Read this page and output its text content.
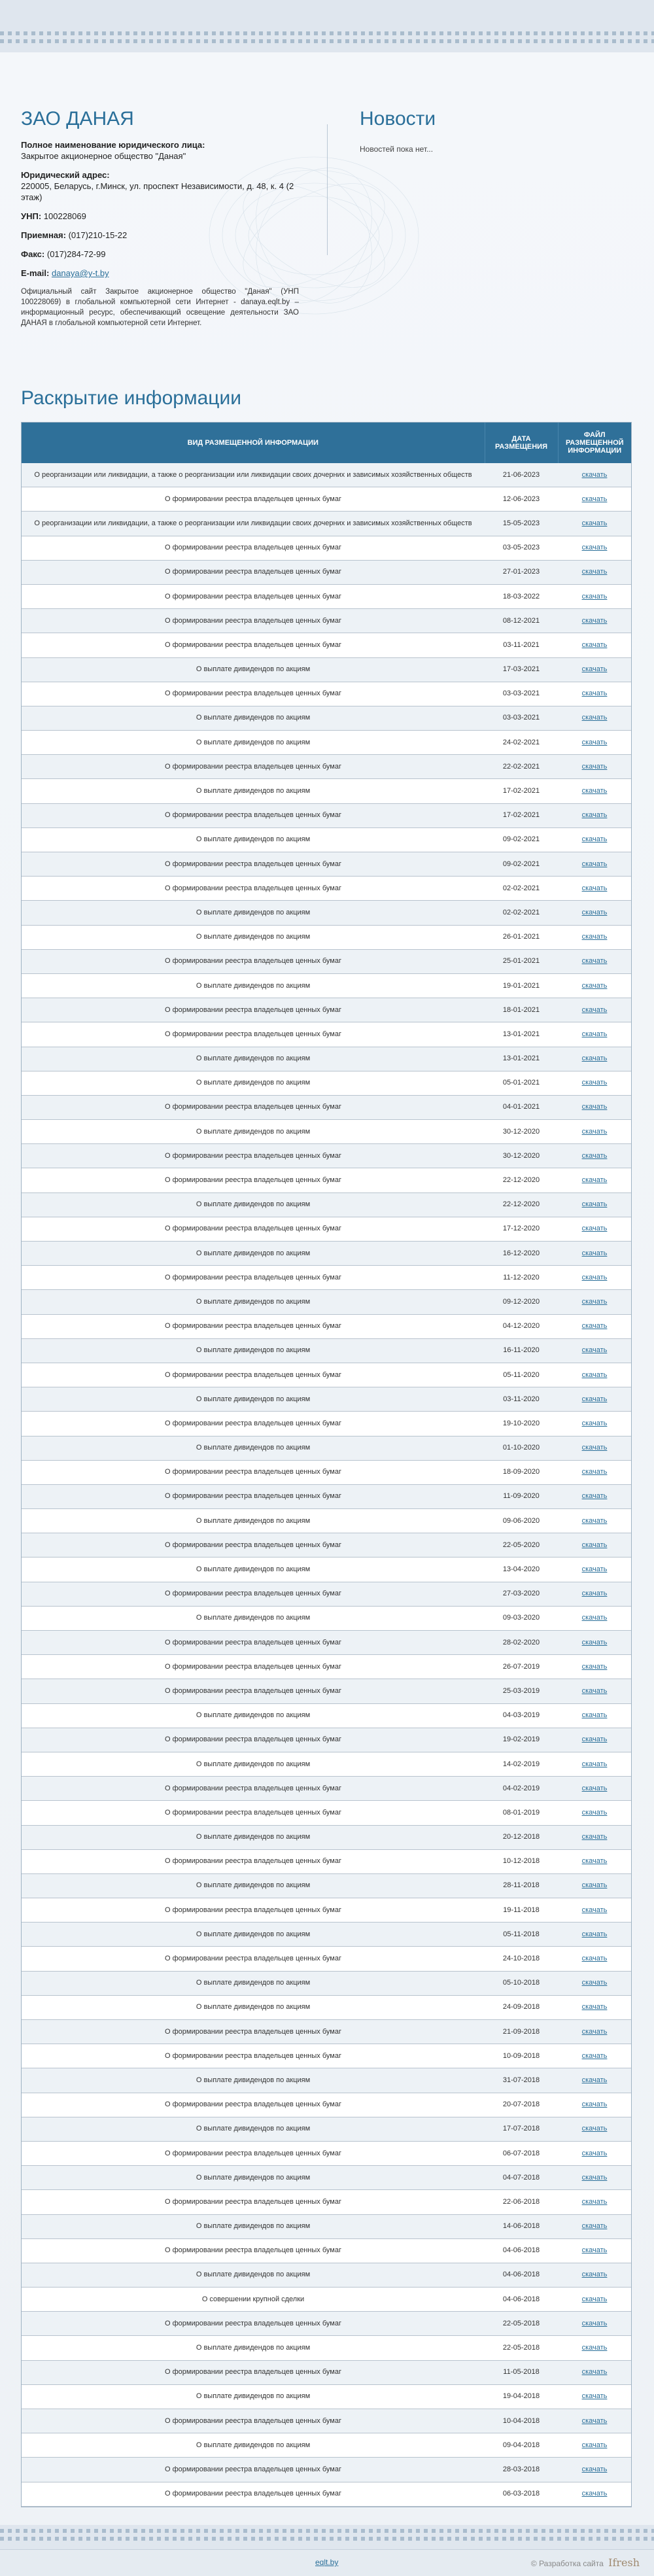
ЗАО ДАНАЯ
Полное наименование юридического лица:
Закрытое акционерное общество "Даная"
Юридический адрес:
220005, Беларусь, г.Минск, ул. проспект Независимости, д. 48, к. 4 (2 этаж)
УНП: 100228069
Приемная: (017)210-15-22
Факс: (017)284-72-99
E-mail: danaya@y-t.by
Официальный сайт Закрытое акционерное общество "Даная" (УНП 100228069) в глобальной компьютерной сети Интернет - danaya.eqlt.by – информационный ресурс, обеспечивающий освещение деятельности ЗАО ДАНАЯ в глобальной компьютерной сети Интернет.
Новости
Новостей пока нет...
Раскрытие информации
ВИД РАЗМЕЩЕННОЙ ИНФОРМАЦИИ	ДАТА РАЗМЕЩЕНИЯ	ФАЙЛ РАЗМЕЩЕННОЙ ИНФОРМАЦИИ
О реорганизации или ликвидации, а также о реорганизации или ликвидации своих дочерних и зависимых хозяйственных обществ	21-06-2023	скачать
О формировании реестра владельцев ценных бумаг	12-06-2023	скачать
О реорганизации или ликвидации, а также о реорганизации или ликвидации своих дочерних и зависимых хозяйственных обществ	15-05-2023	скачать
О формировании реестра владельцев ценных бумаг	03-05-2023	скачать
О формировании реестра владельцев ценных бумаг	27-01-2023	скачать
О формировании реестра владельцев ценных бумаг	18-03-2022	скачать
О формировании реестра владельцев ценных бумаг	08-12-2021	скачать
О формировании реестра владельцев ценных бумаг	03-11-2021	скачать
О выплате дивидендов по акциям	17-03-2021	скачать
О формировании реестра владельцев ценных бумаг	03-03-2021	скачать
О выплате дивидендов по акциям	03-03-2021	скачать
О выплате дивидендов по акциям	24-02-2021	скачать
О формировании реестра владельцев ценных бумаг	22-02-2021	скачать
О выплате дивидендов по акциям	17-02-2021	скачать
О формировании реестра владельцев ценных бумаг	17-02-2021	скачать
О выплате дивидендов по акциям	09-02-2021	скачать
О формировании реестра владельцев ценных бумаг	09-02-2021	скачать
О формировании реестра владельцев ценных бумаг	02-02-2021	скачать
О выплате дивидендов по акциям	02-02-2021	скачать
О выплате дивидендов по акциям	26-01-2021	скачать
О формировании реестра владельцев ценных бумаг	25-01-2021	скачать
О выплате дивидендов по акциям	19-01-2021	скачать
О формировании реестра владельцев ценных бумаг	18-01-2021	скачать
О формировании реестра владельцев ценных бумаг	13-01-2021	скачать
О выплате дивидендов по акциям	13-01-2021	скачать
О выплате дивидендов по акциям	05-01-2021	скачать
О формировании реестра владельцев ценных бумаг	04-01-2021	скачать
О выплате дивидендов по акциям	30-12-2020	скачать
О формировании реестра владельцев ценных бумаг	30-12-2020	скачать
О формировании реестра владельцев ценных бумаг	22-12-2020	скачать
О выплате дивидендов по акциям	22-12-2020	скачать
О формировании реестра владельцев ценных бумаг	17-12-2020	скачать
О выплате дивидендов по акциям	16-12-2020	скачать
О формировании реестра владельцев ценных бумаг	11-12-2020	скачать
О выплате дивидендов по акциям	09-12-2020	скачать
О формировании реестра владельцев ценных бумаг	04-12-2020	скачать
О выплате дивидендов по акциям	16-11-2020	скачать
О формировании реестра владельцев ценных бумаг	05-11-2020	скачать
О выплате дивидендов по акциям	03-11-2020	скачать
О формировании реестра владельцев ценных бумаг	19-10-2020	скачать
О выплате дивидендов по акциям	01-10-2020	скачать
О формировании реестра владельцев ценных бумаг	18-09-2020	скачать
О формировании реестра владельцев ценных бумаг	11-09-2020	скачать
О выплате дивидендов по акциям	09-06-2020	скачать
О формировании реестра владельцев ценных бумаг	22-05-2020	скачать
О выплате дивидендов по акциям	13-04-2020	скачать
О формировании реестра владельцев ценных бумаг	27-03-2020	скачать
О выплате дивидендов по акциям	09-03-2020	скачать
О формировании реестра владельцев ценных бумаг	28-02-2020	скачать
О формировании реестра владельцев ценных бумаг	26-07-2019	скачать
О формировании реестра владельцев ценных бумаг	25-03-2019	скачать
О выплате дивидендов по акциям	04-03-2019	скачать
О формировании реестра владельцев ценных бумаг	19-02-2019	скачать
О выплате дивидендов по акциям	14-02-2019	скачать
О формировании реестра владельцев ценных бумаг	04-02-2019	скачать
О формировании реестра владельцев ценных бумаг	08-01-2019	скачать
О выплате дивидендов по акциям	20-12-2018	скачать
О формировании реестра владельцев ценных бумаг	10-12-2018	скачать
О выплате дивидендов по акциям	28-11-2018	скачать
О формировании реестра владельцев ценных бумаг	19-11-2018	скачать
О выплате дивидендов по акциям	05-11-2018	скачать
О формировании реестра владельцев ценных бумаг	24-10-2018	скачать
О выплате дивидендов по акциям	05-10-2018	скачать
О выплате дивидендов по акциям	24-09-2018	скачать
О формировании реестра владельцев ценных бумаг	21-09-2018	скачать
О формировании реестра владельцев ценных бумаг	10-09-2018	скачать
О выплате дивидендов по акциям	31-07-2018	скачать
О формировании реестра владельцев ценных бумаг	20-07-2018	скачать
О выплате дивидендов по акциям	17-07-2018	скачать
О формировании реестра владельцев ценных бумаг	06-07-2018	скачать
О выплате дивидендов по акциям	04-07-2018	скачать
О формировании реестра владельцев ценных бумаг	22-06-2018	скачать
О выплате дивидендов по акциям	14-06-2018	скачать
О формировании реестра владельцев ценных бумаг	04-06-2018	скачать
О выплате дивидендов по акциям	04-06-2018	скачать
О совершении крупной сделки	04-06-2018	скачать
О формировании реестра владельцев ценных бумаг	22-05-2018	скачать
О выплате дивидендов по акциям	22-05-2018	скачать
О формировании реестра владельцев ценных бумаг	11-05-2018	скачать
О выплате дивидендов по акциям	19-04-2018	скачать
О формировании реестра владельцев ценных бумаг	10-04-2018	скачать
О выплате дивидендов по акциям	09-04-2018	скачать
О формировании реестра владельцев ценных бумаг	28-03-2018	скачать
О формировании реестра владельцев ценных бумаг	06-03-2018	скачать
eqlt.by	© Разработка сайта Ifresh
